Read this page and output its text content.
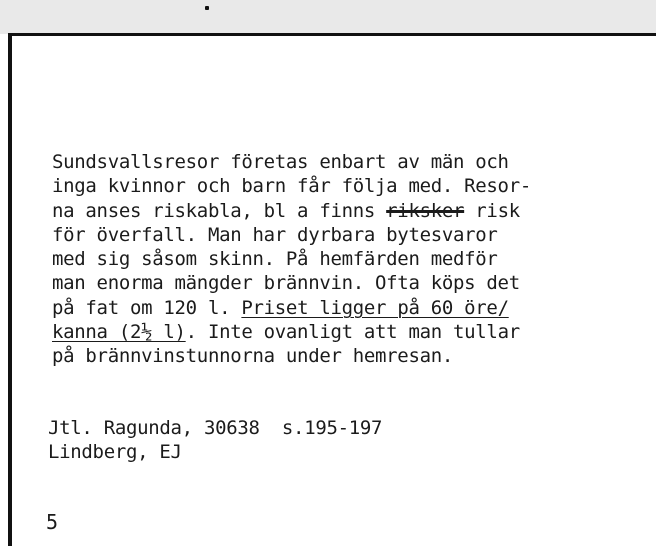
Sundsvallsresor företas enbart av män och
inga kvinnor och barn får följa med. Resor-
na anses riskabla, bl a finns riksker risk
för överfall. Man har dyrbara bytesvaror
med sig såsom skinn. På hemfärden medför
man enorma mängder brännvin. Ofta köps det
på fat om 120 l. Priset ligger på 60 öre/
kanna (2½ l). Inte ovanligt att man tullar
på brännvinstunnorna under hemresan.
Jtl. Ragunda, 30638  s.195-197
Lindberg, EJ
5
